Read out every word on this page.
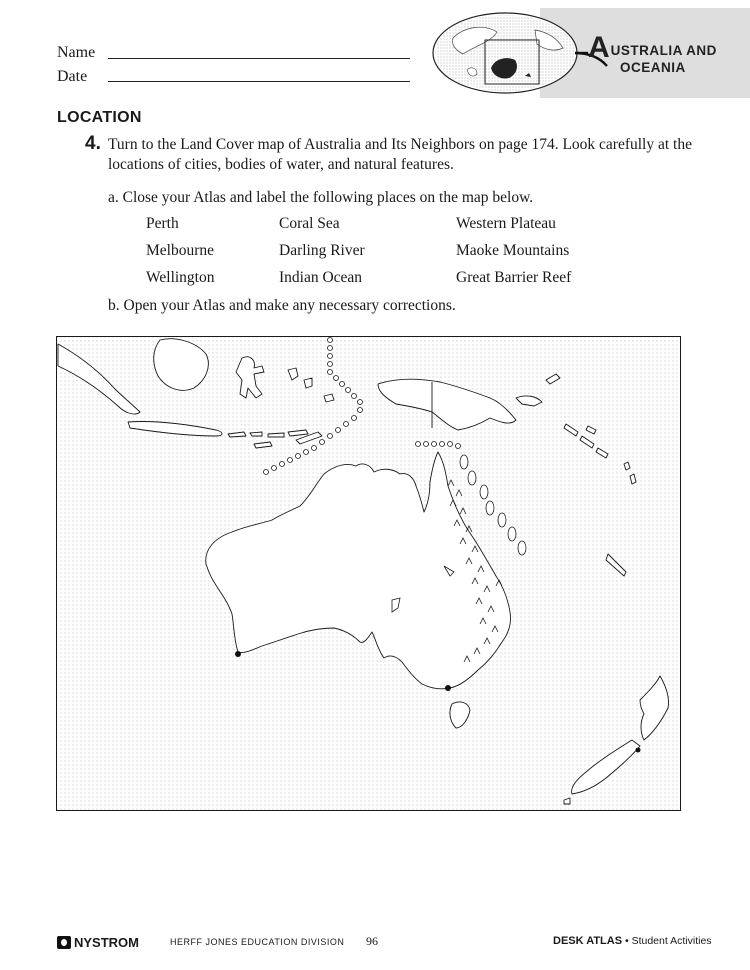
Name
Date
AUSTRALIA AND
OCEANIA
LOCATION
4. Turn to the Land Cover map of Australia and Its Neighbors on page 174. Look carefully at the locations of cities, bodies of water, and natural features.
a. Close your Atlas and label the following places on the map below.
Perth	Coral Sea	Western Plateau
Melbourne	Darling River	Maoke Mountains
Wellington	Indian Ocean	Great Barrier Reef
b. Open your Atlas and make any necessary corrections.
NYSTROM	HERFF JONES EDUCATION DIVISION 96	DESK ATLAS • Student Activities
